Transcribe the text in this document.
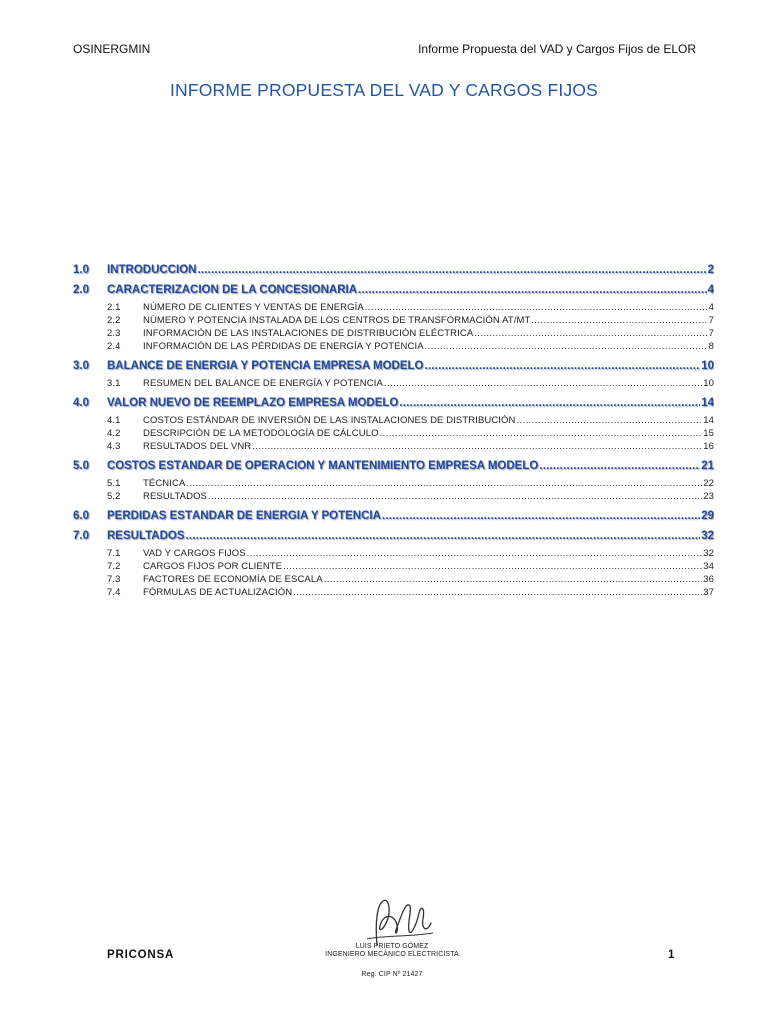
OSINERGMIN	Informe Propuesta del VAD y Cargos Fijos de ELOR
INFORME PROPUESTA DEL VAD Y CARGOS FIJOS
1.0	INTRODUCCIÓN .....	2
2.0	CARACTERIZACIÓN DE LA CONCESIONARIA .....	4
2.1	NÚMERO DE CLIENTES Y VENTAS DE ENERGÍA .....	4
2.2	NÚMERO Y POTENCIA INSTALADA DE LOS CENTROS DE TRANSFORMACIÓN AT/MT .....	7
2.3	INFORMACIÓN DE LAS INSTALACIONES DE DISTRIBUCIÓN ELÉCTRICA .....	7
2.4	INFORMACIÓN DE LAS PÉRDIDAS DE ENERGÍA Y POTENCIA .....	8
3.0	BALANCE DE ENERGÍA Y POTENCIA EMPRESA MODELO .....	10
3.1	RESUMEN DEL BALANCE DE ENERGÍA Y POTENCIA .....	10
4.0	VALOR NUEVO DE REEMPLAZO EMPRESA MODELO .....	14
4.1	COSTOS ESTÁNDAR DE INVERSIÓN DE LAS INSTALACIONES DE DISTRIBUCIÓN .....	14
4.2	DESCRIPCIÓN DE LA METODOLOGÍA DE CÁLCULO .....	15
4.3	RESULTADOS DEL VNR .....	16
5.0	COSTOS ESTÁNDAR DE OPERACIÓN Y MANTENIMIENTO EMPRESA MODELO .....	21
5.1	TÉCNICA .....	22
5.2	RESULTADOS .....	23
6.0	PÉRDIDAS ESTÁNDAR DE ENERGÍA Y POTENCIA .....	29
7.0	RESULTADOS .....	32
7.1	VAD Y CARGOS FIJOS .....	32
7.2	CARGOS FIJOS POR CLIENTE .....	34
7.3	FACTORES DE ECONOMÍA DE ESCALA .....	36
7.4	FÓRMULAS DE ACTUALIZACIÓN .....	37
LUIS PRIETO GÓMEZ
INGENIERO MECÁNICO ELECTRICISTA
Reg. CIP Nº 21427
PRICONSA	1
